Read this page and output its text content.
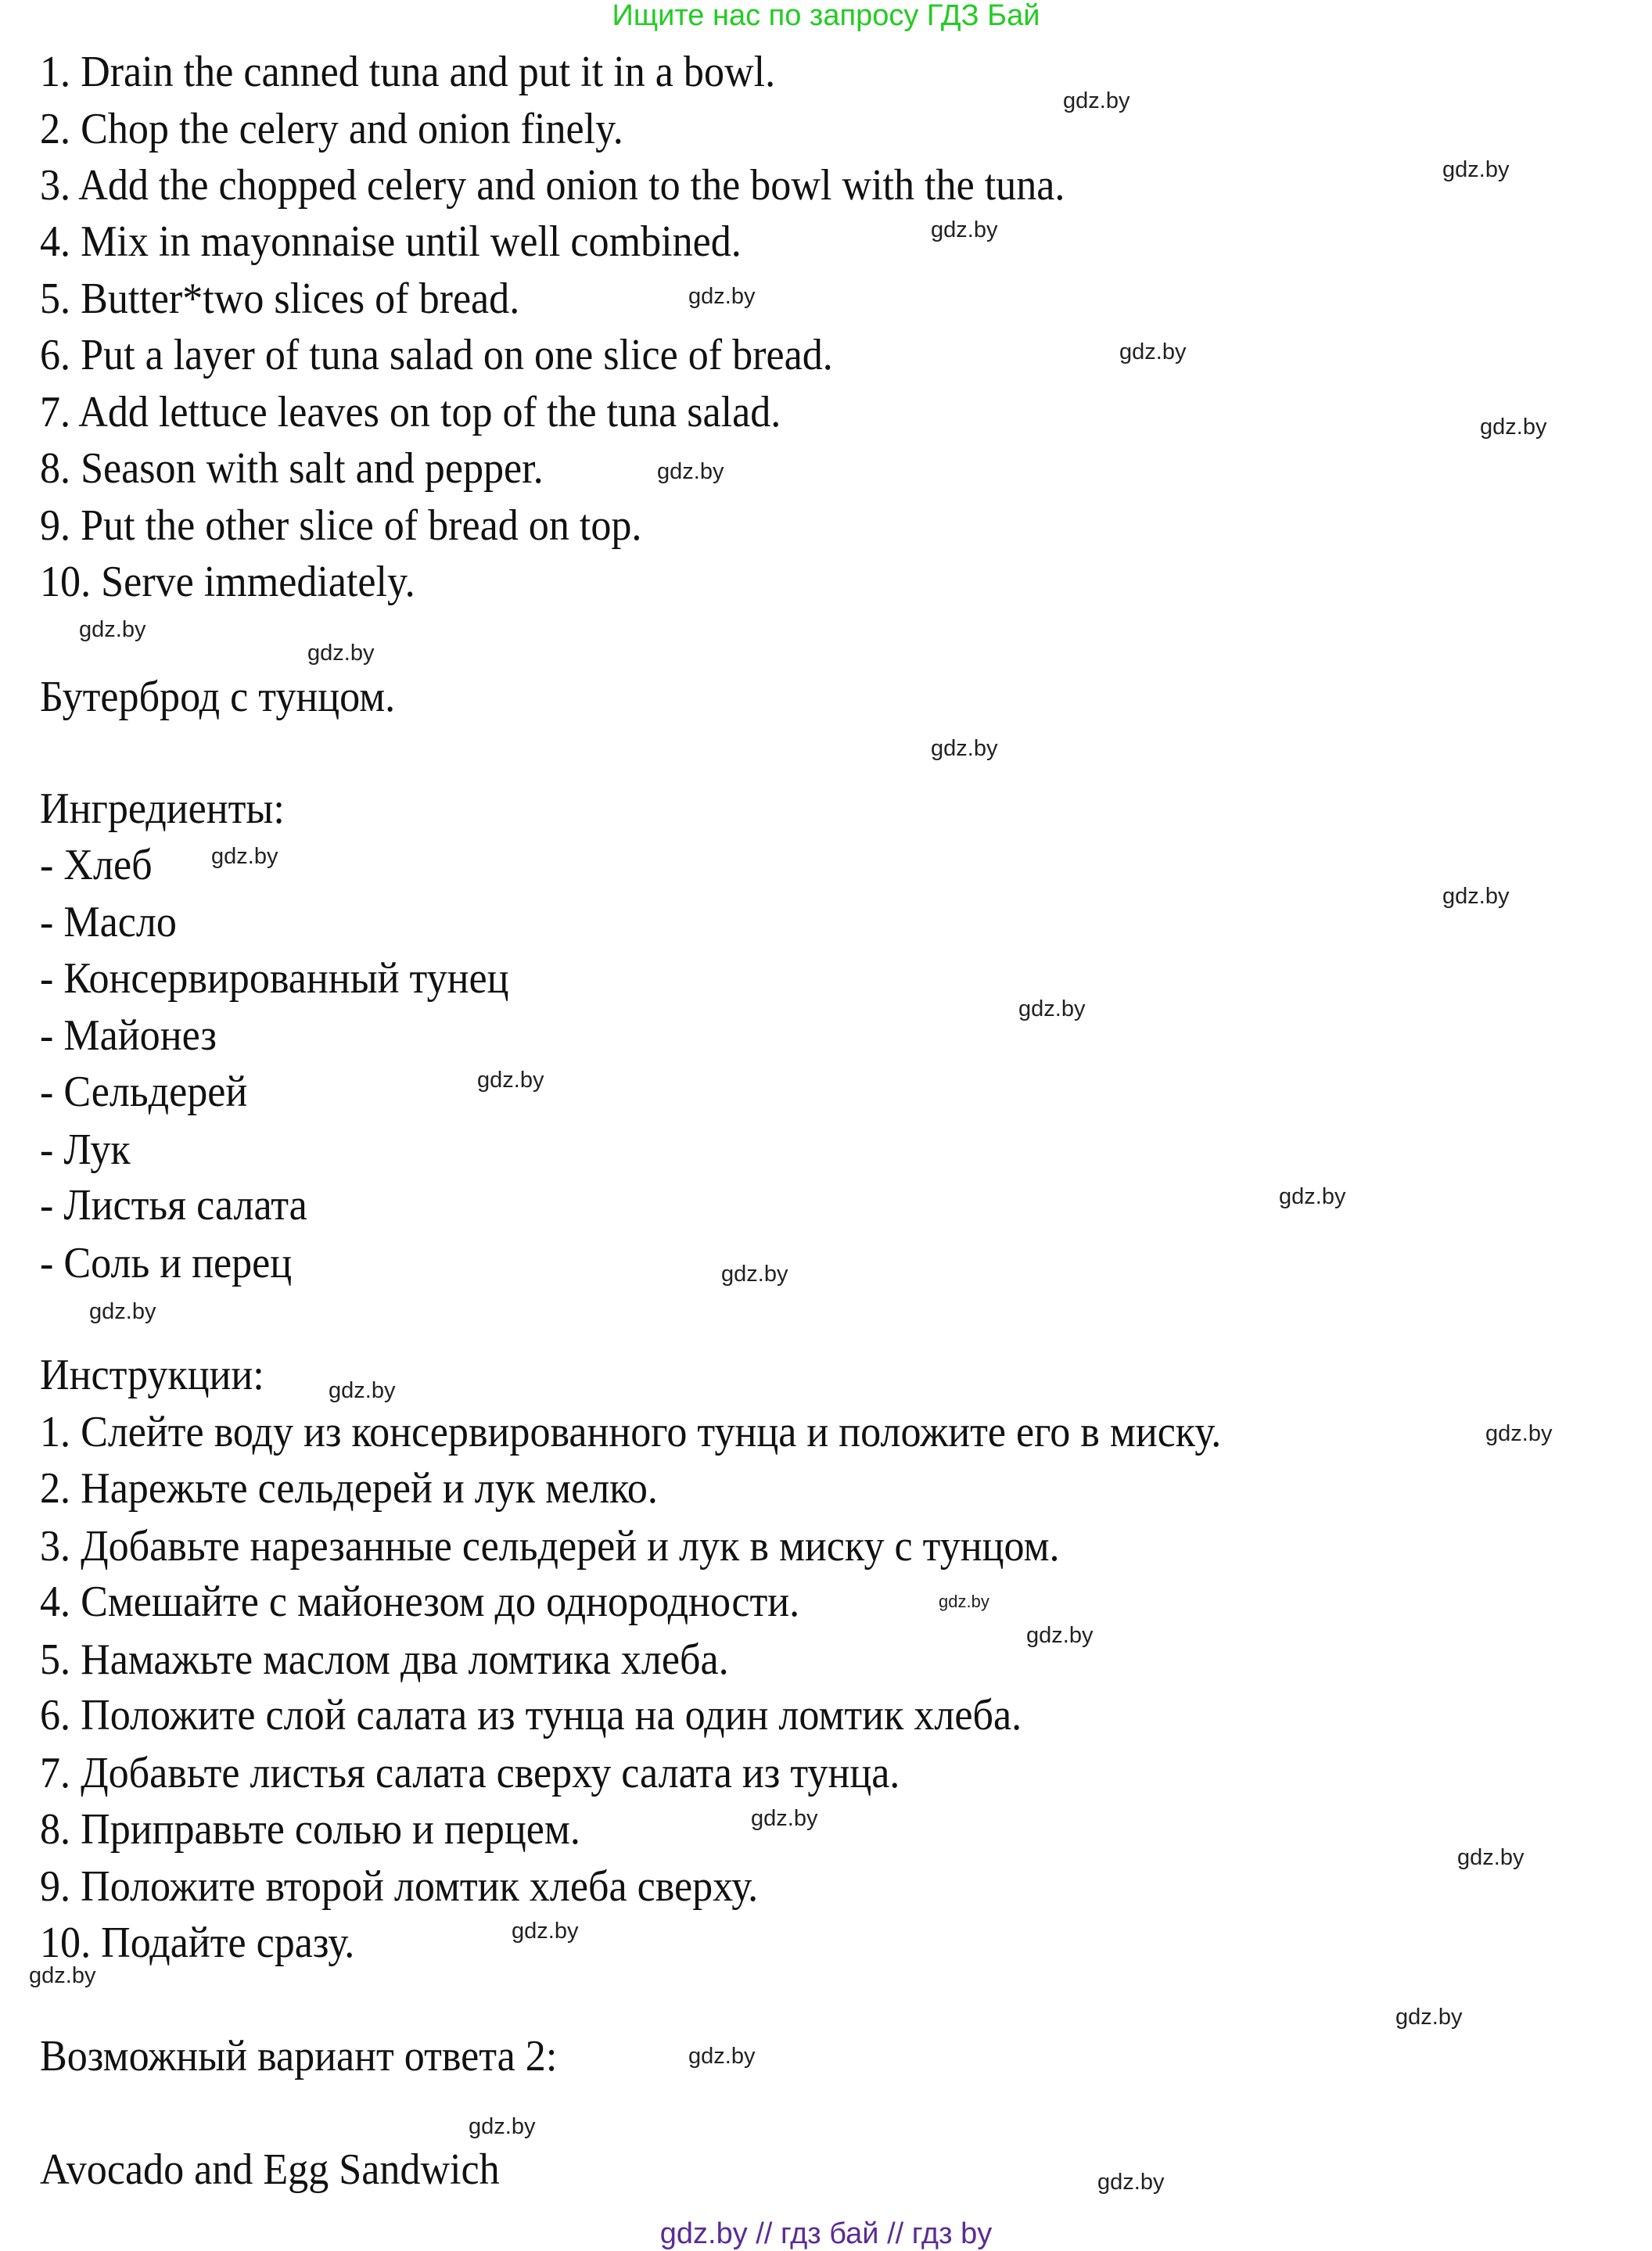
Ищите нас по запросу ГДЗ Бай
1. Drain the canned tuna and put it in a bowl.
2. Chop the celery and onion finely.
3. Add the chopped celery and onion to the bowl with the tuna.
4. Mix in mayonnaise until well combined.
5. Butter*two slices of bread.
6. Put a layer of tuna salad on one slice of bread.
7. Add lettuce leaves on top of the tuna salad.
8. Season with salt and pepper.
9. Put the other slice of bread on top.
10. Serve immediately.
Бутерброд с тунцом.
Ингредиенты:
- Хлеб
- Масло
- Консервированный тунец
- Майонез
- Сельдерей
- Лук
- Листья салата
- Соль и перец
Инструкции:
1. Слейте воду из консервированного тунца и положите его в миску.
2. Нарежьте сельдерей и лук мелко.
3. Добавьте нарезанные сельдерей и лук в миску с тунцом.
4. Смешайте с майонезом до однородности.
5. Намажьте маслом два ломтика хлеба.
6. Положите слой салата из тунца на один ломтик хлеба.
7. Добавьте листья салата сверху салата из тунца.
8. Приправьте солью и перцем.
9. Положите второй ломтик хлеба сверху.
10. Подайте сразу.
Возможный вариант ответа 2:
Avocado and Egg Sandwich
gdz.by
gdz.by
gdz.by
gdz.by
gdz.by
gdz.by
gdz.by
gdz.by
gdz.by
gdz.by
gdz.by
gdz.by
gdz.by
gdz.by
gdz.by
gdz.by
gdz.by
gdz.by
gdz.by
gdz.by
gdz.by
gdz.by
gdz.by
gdz.by
gdz.by
gdz.by
gdz.by
gdz.by
gdz.by
gdz.by // гдз бай // гдз by
